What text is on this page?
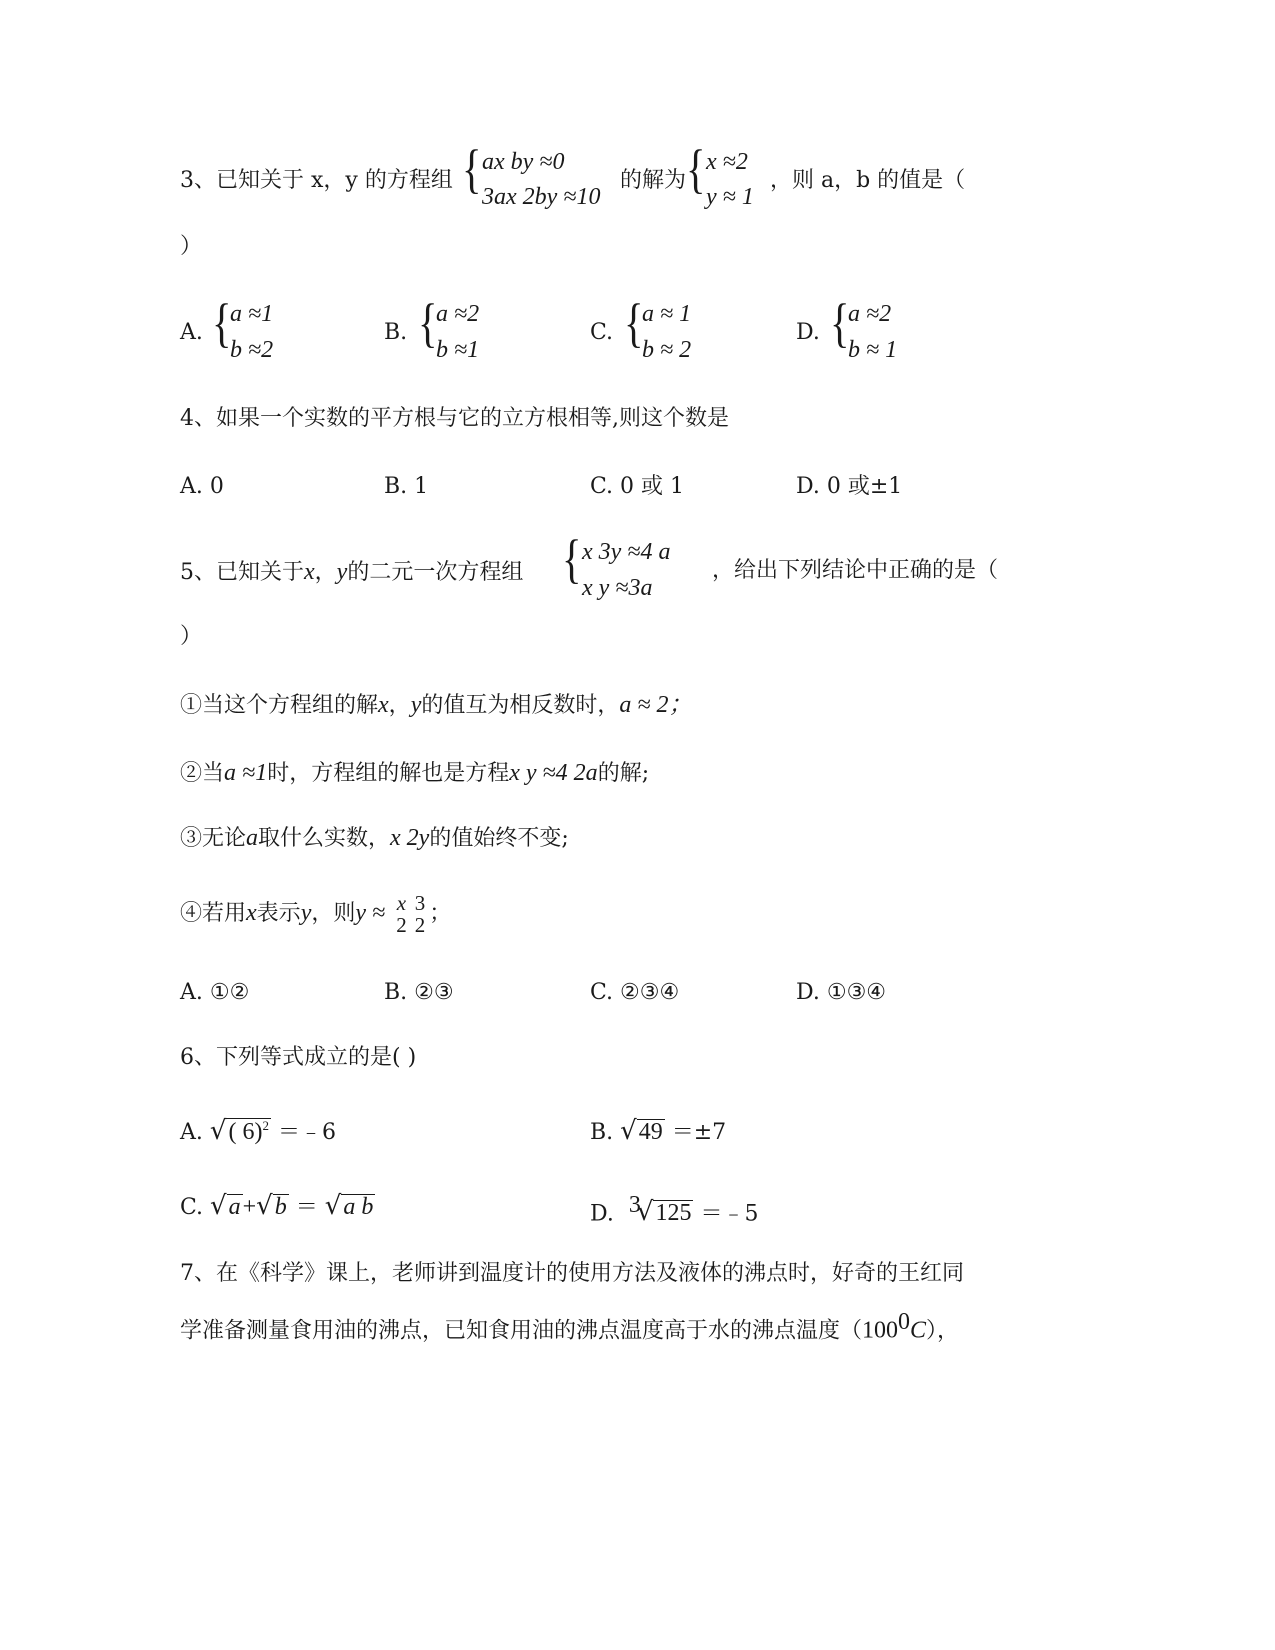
3、已知关于 x，y 的方程组 { ax by ≈0
3ax 2by ≈10
的解为 { x ≈2
y ≈ 1
，则 a，b 的值是（
）
A. {
a ≈1
b ≈2
B. {
a ≈2
b ≈1
C. {
a ≈ 1
b ≈ 2
D. {
a ≈2
b ≈ 1
4、如果一个实数的平方根与它的立方根相等,则这个数是
A. 0	B. 1	C. 0 或 1	D. 0 或±1
5、已知关于x，y的二元一次方程组 { x 3y ≈4 a
x y ≈3a
，给出下列结论中正确的是（
）
①当这个方程组的解x，y的值互为相反数时，a ≈ 2；
②当a ≈1时，方程组的解也是方程x y ≈4 2a的解;
③无论a取什么实数，x 2y的值始终不变;
④若用x表示y，则y ≈ x
2
3
2 ；
A. ①②	B. ②③	C. ②③④	D. ①③④
6、下列等式成立的是( )
A. √( 6)$^2$ ＝﹣6	B. √49 ＝±7
C. √a+√b ＝ √a b	D. $^3$√125 ＝﹣5
7、在《科学》课上，老师讲到温度计的使用方法及液体的沸点时，好奇的王红同
学准备测量食用油的沸点，已知食用油的沸点温度高于水的沸点温度$(100^0C)$，
